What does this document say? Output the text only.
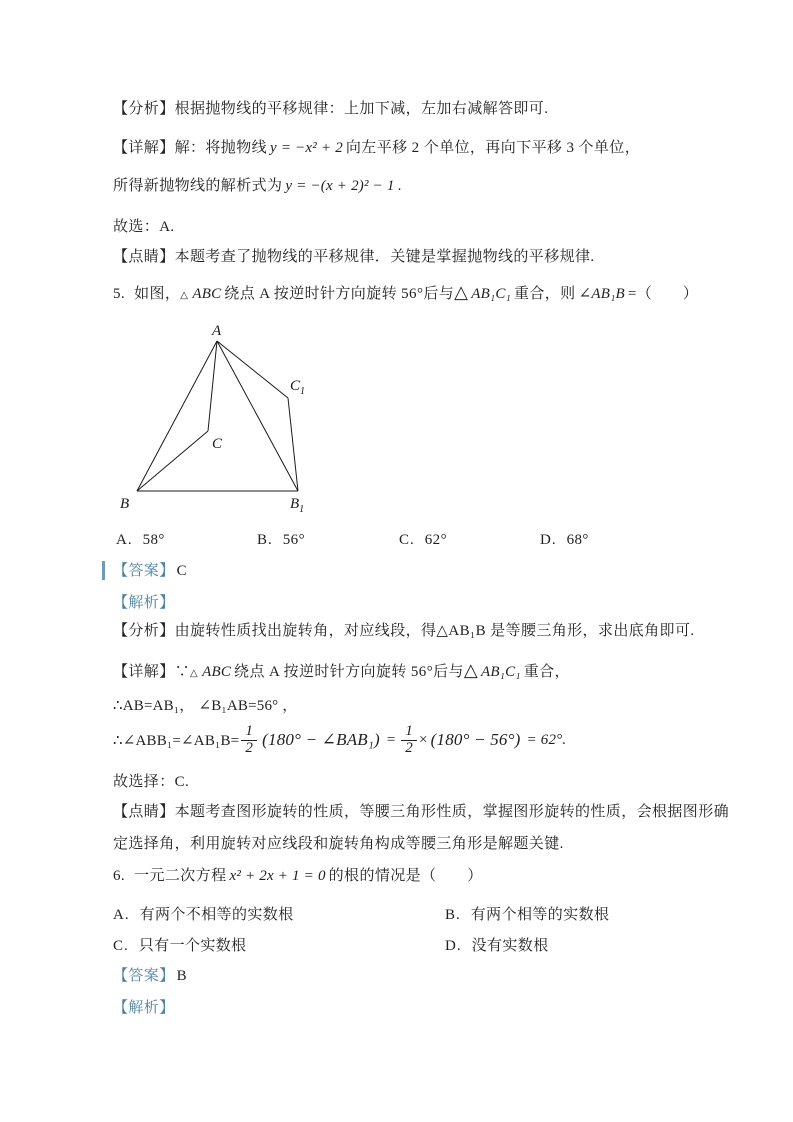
【分析】根据抛物线的平移规律：上加下减，左加右减解答即可.
【详解】解：将抛物线 y = −x² + 2 向左平移 2 个单位，再向下平移 3 个单位，
所得新抛物线的解析式为 y = −(x + 2)² − 1 .
故选：A.
【点睛】本题考查了抛物线的平移规律．关键是掌握抛物线的平移规律.
5. 如图，△ ABC 绕点 A 按逆时针方向旋转 56°后与△ AB₁C₁ 重合，则 ∠AB₁B =（　　）
A
B
C
$B_1$
$C_1$
A. 58°	B. 56°	C. 62°	D. 68°
【答案】 C
【解析】
【分析】由旋转性质找出旋转角，对应线段，得△AB₁B 是等腰三角形，求出底角即可.
【详解】∵△ ABC 绕点 A 按逆时针方向旋转 56°后与△ AB₁C₁ 重合，
∴AB=AB₁， ∠B₁AB=56° ，
∴∠ABB₁=∠AB₁B= $\frac{1}{2} (180^\circ$ − ∠BAB₁) = $\frac{1}{2} \times (180^\circ - 56^\circ) = 62^\circ$.
故选择：C.
【点睛】本题考查图形旋转的性质，等腰三角形性质，掌握图形旋转的性质，会根据图形确
定选择角，利用旋转对应线段和旋转角构成等腰三角形是解题关键.
6. 一元二次方程 x² + 2x + 1 = 0 的根的情况是（　　）
A. 有两个不相等的实数根	B. 有两个相等的实数根
C. 只有一个实数根	D. 没有实数根
【答案】 B
【解析】
